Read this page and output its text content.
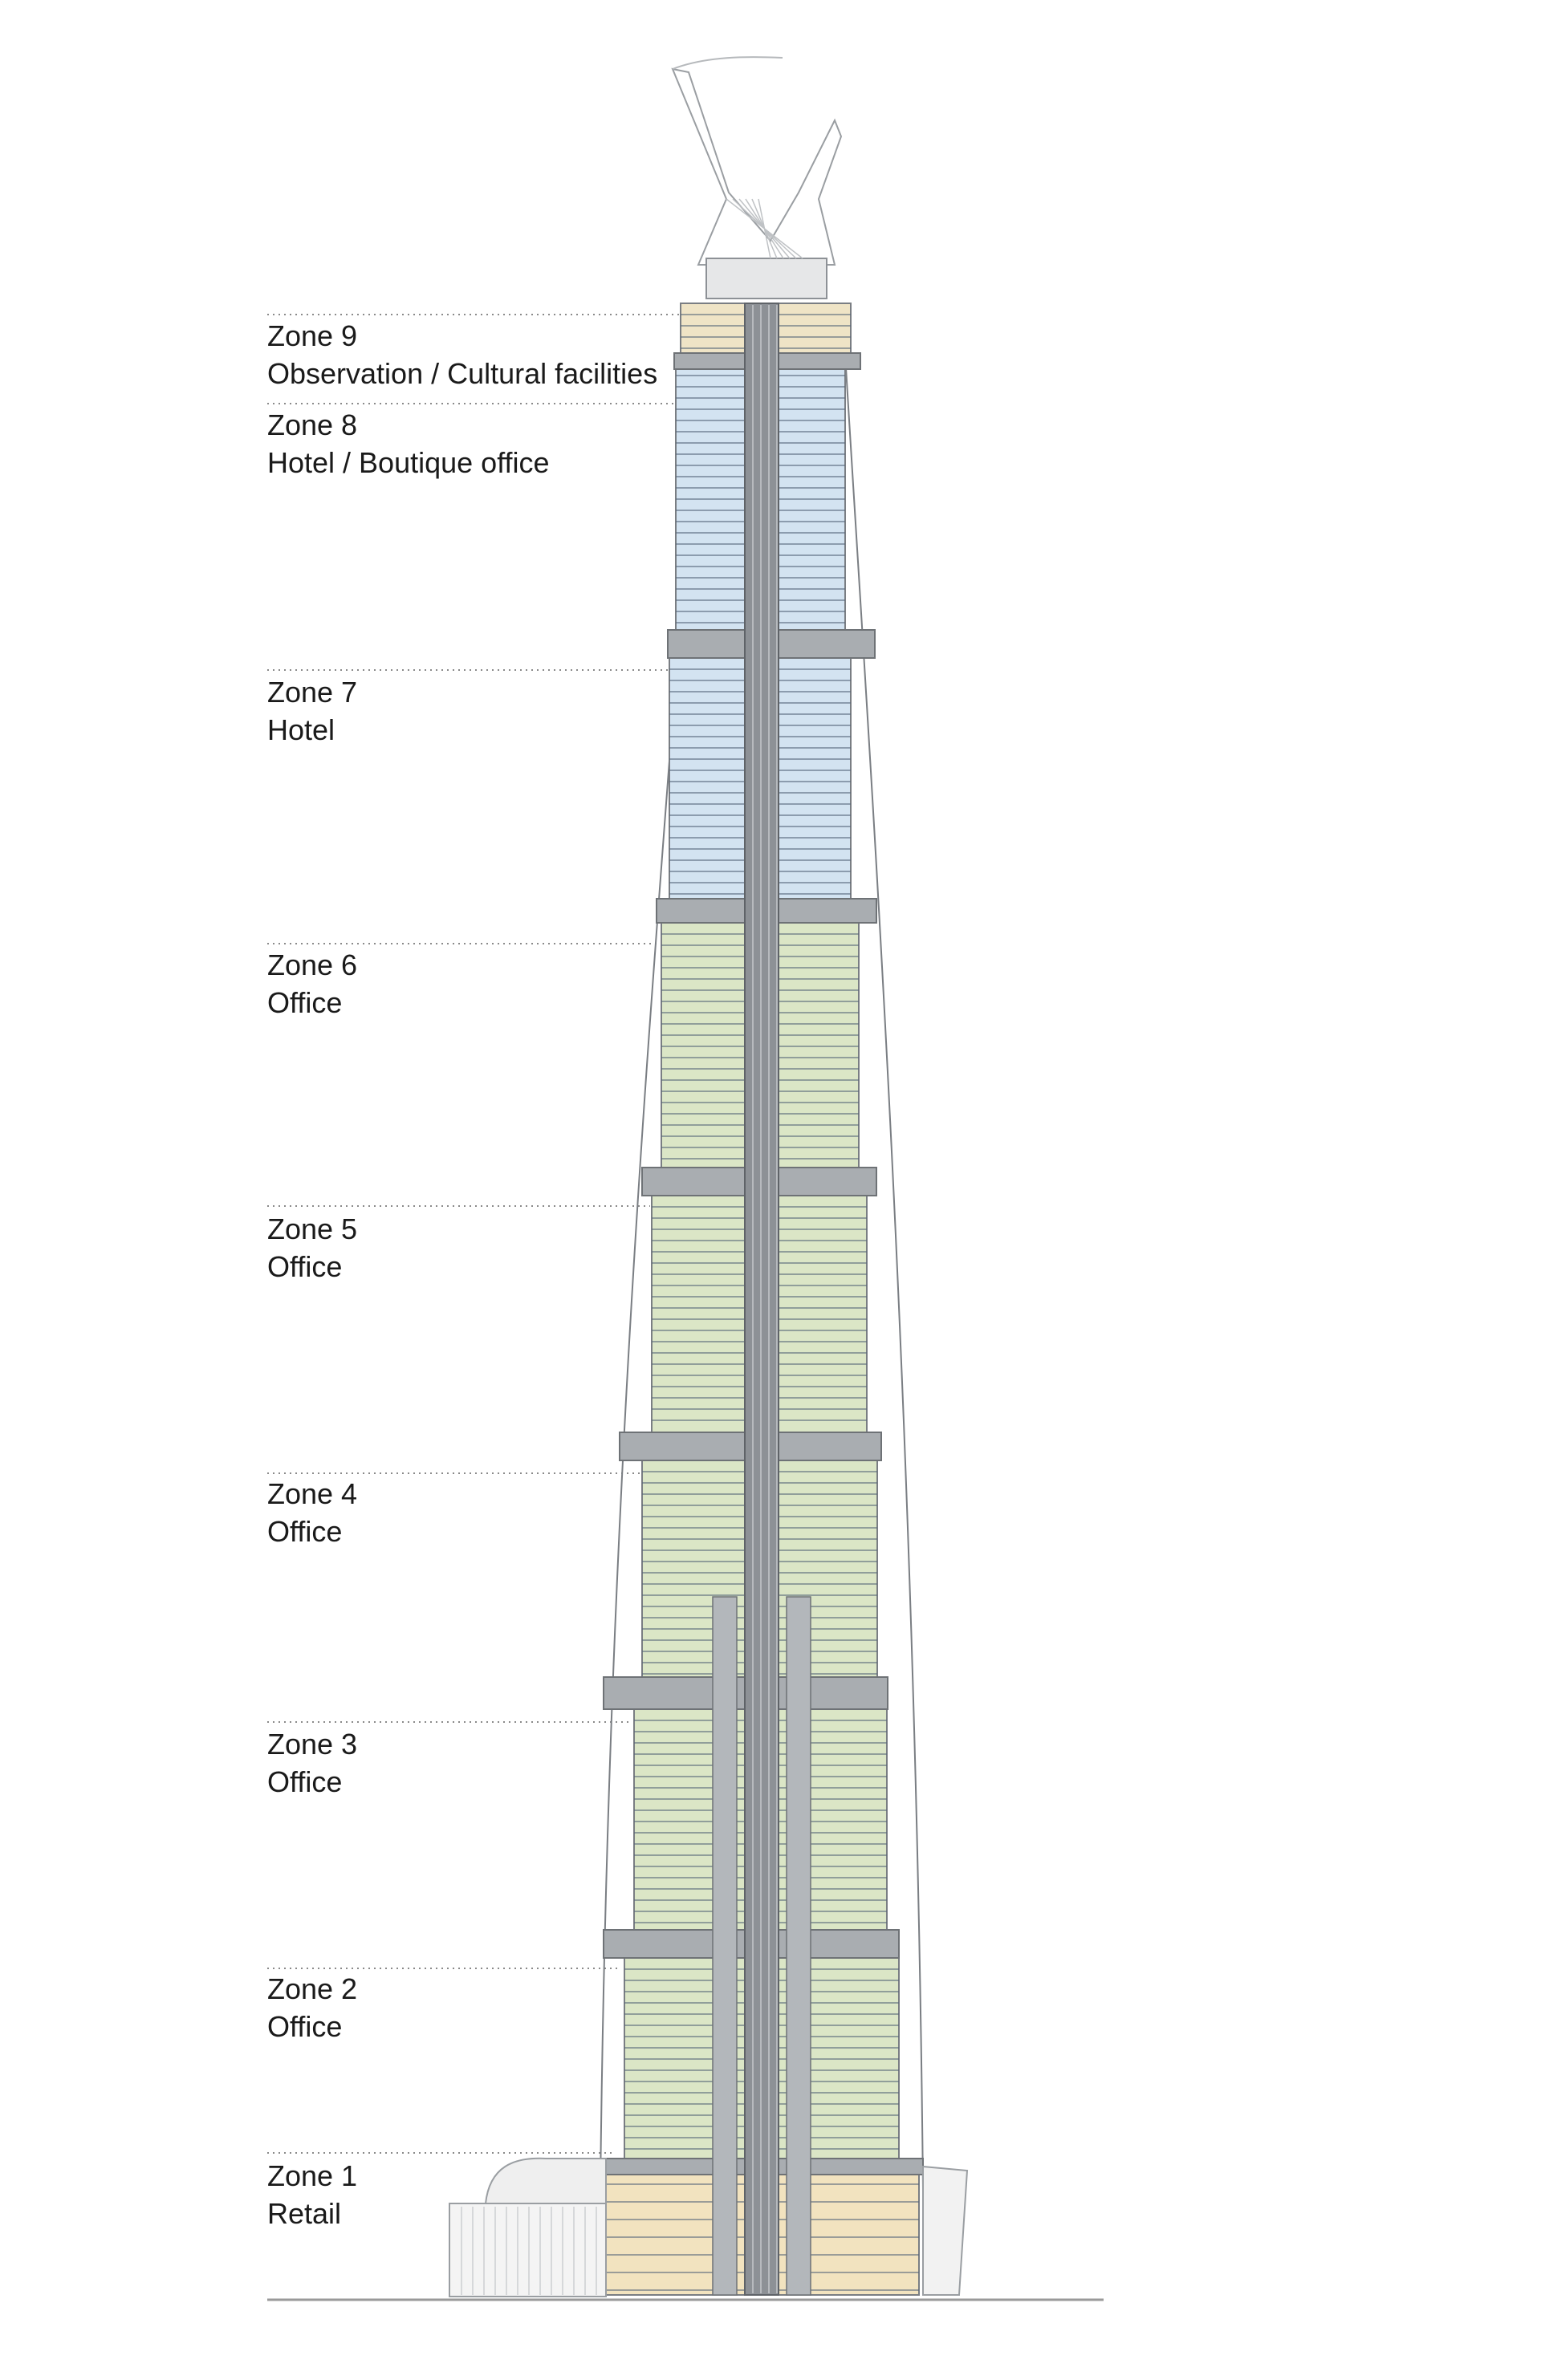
Zone 9
Observation / Cultural facilities
Zone 8
Hotel / Boutique office
Zone 7
Hotel
Zone 6
Office
Zone 5
Office
Zone 4
Office
Zone 3
Office
Zone 2
Office
Zone 1
Retail
